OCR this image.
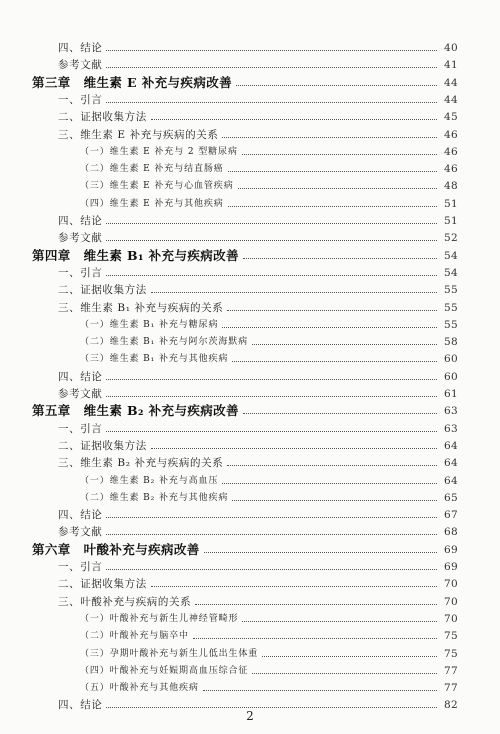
四、结论	40
参考文献	41
第三章　维生素 E 补充与疾病改善	44
一、引言	44
二、证据收集方法	45
三、维生素 E 补充与疾病的关系	46
（一）维生素 E 补充与 2 型糖尿病	46
（二）维生素 E 补充与结直肠癌	46
（三）维生素 E 补充与心血管疾病	48
（四）维生素 E 补充与其他疾病	51
四、结论	51
参考文献	52
第四章　维生素 B₁ 补充与疾病改善	54
一、引言	54
二、证据收集方法	55
三、维生素 B₁ 补充与疾病的关系	55
（一）维生素 B₁ 补充与糖尿病	55
（二）维生素 B₁ 补充与阿尔茨海默病	58
（三）维生素 B₁ 补充与其他疾病	60
四、结论	60
参考文献	61
第五章　维生素 B₂ 补充与疾病改善	63
一、引言	63
二、证据收集方法	64
三、维生素 B₂ 补充与疾病的关系	64
（一）维生素 B₂ 补充与高血压	64
（二）维生素 B₂ 补充与其他疾病	65
四、结论	67
参考文献	68
第六章　叶酸补充与疾病改善	69
一、引言	69
二、证据收集方法	70
三、叶酸补充与疾病的关系	70
（一）叶酸补充与新生儿神经管畸形	70
（二）叶酸补充与脑卒中	75
（三）孕期叶酸补充与新生儿低出生体重	75
（四）叶酸补充与妊娠期高血压综合征	77
（五）叶酸补充与其他疾病	77
四、结论	82
2
